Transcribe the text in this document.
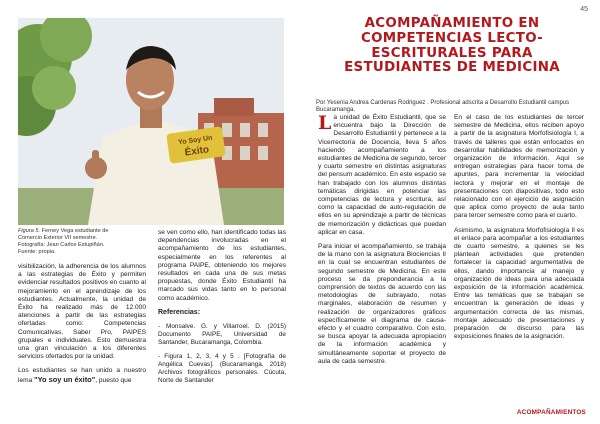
45
Yo Soy Un
Éxito
Figura 5. Ferney Vega estudiante de Comercio Exterior VII semestre. Fotografía: Jean Carlos Estupiñán. Fuente: propia.

visibilización, la adherencia de los alumnos a las estrategias de Éxito y permiten evidenciar resultados positivos en cuanto al mejoramiento en el aprendizaje de los estudiantes. Actualmente, la unidad de Éxito ha realizado más de 12.000 atenciones a partir de las estrategias ofertadas como: Competencias Comunicativas, Saber Pro, PAIPES grupales e individuales. Esto demuestra una gran vinculación a los diferentes servicios ofertados por la unidad.

Los estudiantes se han unido a nuestro lema "Yo soy un éxito", puesto que

se ven como ello, han identificado todas las dependencias involucradas en el acompañamiento de los estudiantes, especialmente en los referentes al programa PAIPE, obteniendo los mejores resultados en cada una de sus metas propuestas, donde Éxito Estudiantil ha marcado sus vidas tanto en lo personal como académico.

Referencias:

- Monsalve. G. y Villarroel. D. (2015) Documento PAIPE, Universidad de Santander, Bucaramanga, Colombia.

- Figura 1, 2, 3, 4 y 5 . [Fotografía de Angélica Cuevas]. (Bucaramanga. 2018) Archivos fotográficos personales. Cúcuta, Norte de Santander

ACOMPAÑAMIENTO EN COMPETENCIAS LECTO-ESCRITURALES PARA ESTUDIANTES DE MEDICINA
Por Yesenia Andrea Cardenas Rodriguez . Profesional adscrita a Desarrollo Estudiantil campus Bucaramanga.

La unidad de Éxito Estudiantil, que se encuentra bajo la Dirección de Desarrollo Estudiantil y pertenece a la Vicerrectoría de Docencia, lleva 5 años haciendo acompañamiento a los estudiantes de Medicina de segundo, tercer y cuarto semestre en distintas asignaturas del pensum académico. En este espacio se han trabajado con los alumnos distintas temáticas dirigidas en potenciar las competencias de lectura y escritura, así como la capacidad de auto-regulación de ellos en su aprendizaje a partir de técnicas de memorización y didácticas que puedan aplicar en casa.

Para iniciar el acompañamiento, se trabaja de la mano con la asignatura Biociencias II en la cual se encuentran estudiantes de segundo semestre de Medicina. En este proceso se da preponderancia a la comprensión de textos de acuerdo con las metodologías de subrayado, notas marginales, elaboración de resumen y realización de organizadores gráficos específicamente el diagrama de causa-efecto y el cuadro comparativo. Con esto, se busca apoyar la adecuada apropiación de la información académica y simultáneamente soportar el proyecto de aula de cada semestre.

En el caso de los estudiantes de tercer semestre de Medicina, ellos reciben apoyo a partir de la asignatura Morfofisiología I, a través de talleres que están enfocados en desarrollar habilidades de memorización y organización de información. Aquí se entregan estrategias para hacer toma de apuntes, para incrementar la velocidad lectora y mejorar en el montaje de presentaciones con diapositivas, todo esto relacionado con el ejercicio de asignación que aplica como proyecto de aula tanto para tercer semestre como para el cuarto.

Asimismo, la asignatura Morfofisiología II es el enlace para acompañar a los estudiantes de cuarto semestre, a quienes se les plantean actividades que pretenden fortalecer la capacidad argumentativa de ellos, dando importancia al manejo y organización de ideas para una adecuada exposición de la información académica. Entre las temáticas que se trabajan se encuentran la generación de ideas y argumentación correcta de las mismas, montaje adecuado de presentaciones y preparación de discurso para las exposiciones finales de la asignación.

ACOMPAÑAMIENTOS
